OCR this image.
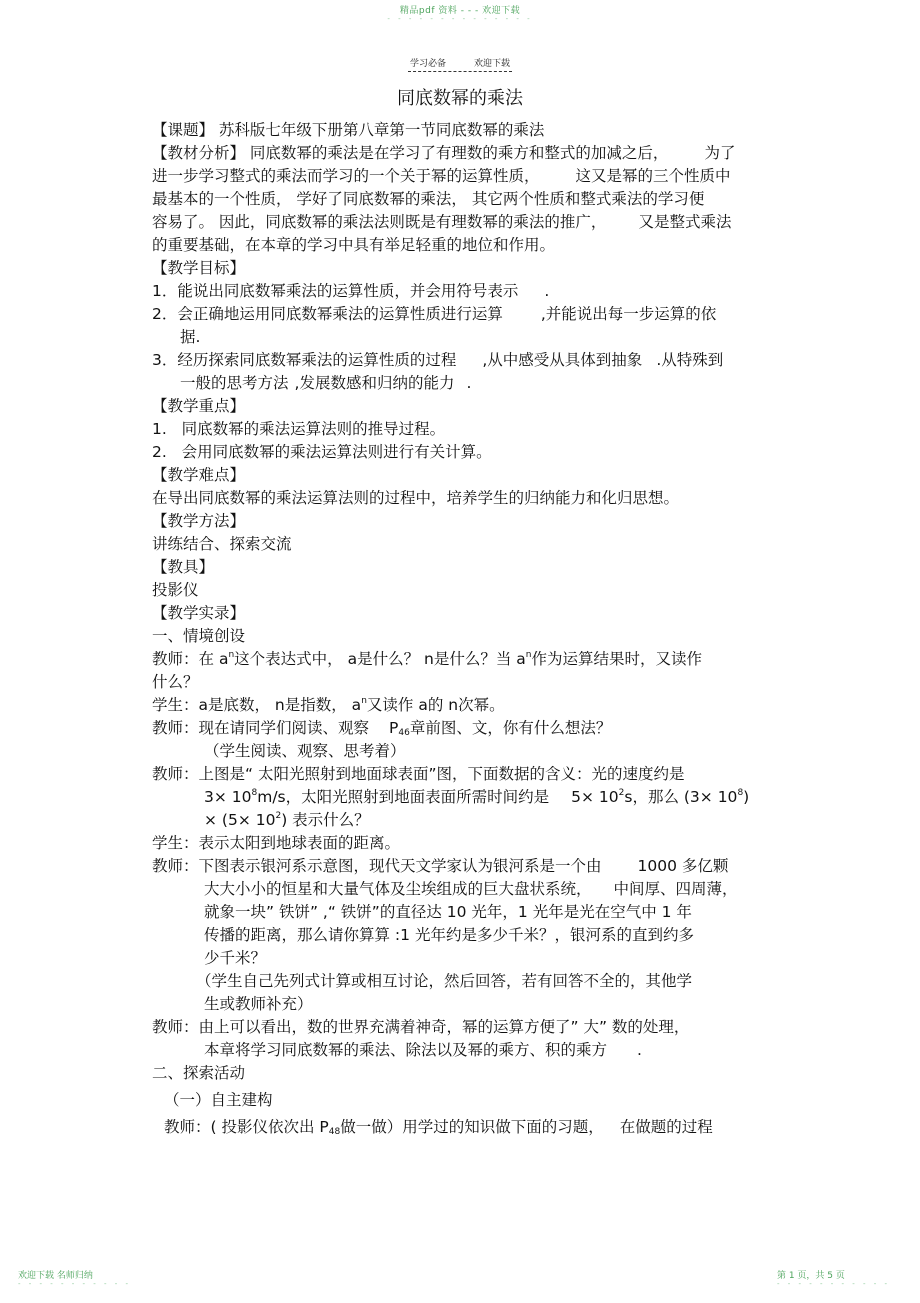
精品pdf 资料 - - - 欢迎下载
- - - - - - - - - - - - - -
学习必备	欢迎下载
同底数幂的乘法

【课题】 苏科版七年级下册第八章第一节同底数幂的乘法

【教材分析】 同底数幂的乘法是在学习了有理数的乘方和整式的加减之后， 为了

进一步学习整式的乘法而学习的一个关于幂的运算性质， 这又是幂的三个性质中

最基本的一个性质， 学好了同底数幂的乘法， 其它两个性质和整式乘法的学习便

容易了。 因此，同底数幂的乘法法则既是有理数幂的乘法的推广， 又是整式乘法

的重要基础，在本章的学习中具有举足轻重的地位和作用。

【教学目标】

1．能说出同底数幂乘法的运算性质，并会用符号表示 .

2．会正确地运用同底数幂乘法的运算性质进行运算 ,并能说出每一步运算的依

据.

3．经历探索同底数幂乘法的运算性质的过程 ,从中感受从具体到抽象 .从特殊到

一般的思考方法 ,发展数感和归纳的能力 .

【教学重点】

1.   同底数幂的乘法运算法则的推导过程。

2.   会用同底数幂的乘法运算法则进行有关计算。

【教学难点】

在导出同底数幂的乘法运算法则的过程中，培养学生的归纳能力和化归思想。

【教学方法】

讲练结合、探索交流

【教具】

投影仪

【教学实录】

一、情境创设

教师：在 $a^n$这个表达式中， a是什么？ n是什么？当 $a^n$作为运算结果时，又读作

什么？

学生：a是底数， n是指数， $a^n$又读作 a的 n次幂。

教师：现在请同学们阅读、观察 $P_{46}$章前图、文，你有什么想法？

（学生阅读、观察、思考着）

教师：上图是“ 太阳光照射到地面球表面”图，下面数据的含义：光的速度约是

$3\times 10^8m/s$，太阳光照射到地面表面所需时间约是 $5\times 10^2s$，那么 $(3\times 10^8)$

× $(5\times 10^2)$ 表示什么？

学生：表示太阳到地球表面的距离。

教师：下图表示银河系示意图，现代天文学家认为银河系是一个由 1000 多亿颗

大大小小的恒星和大量气体及尘埃组成的巨大盘状系统， 中间厚、四周薄，

就象一块” 铁饼” ,“ 铁饼”的直径达 10 光年，1 光年是光在空气中 1 年

传播的距离，那么请你算算 :1 光年约是多少千米？，银河系的直到约多

少千米？

（学生自己先列式计算或相互讨论，然后回答，若有回答不全的，其他学

生或教师补充）

教师：由上可以看出，数的世界充满着神奇，幂的运算方便了” 大” 数的处理，

本章将学习同底数幂的乘法、除法以及幂的乘方、积的乘方 .

二、探索活动

（一）自主建构

教师：( 投影仪依次出 $P_{48}$做一做）用学过的知识做下面的习题， 在做题的过程

欢迎下载 名师归纳
- - - - - - - - - - -
第 1 页，共 5 页
- - - - - - - - - - -
